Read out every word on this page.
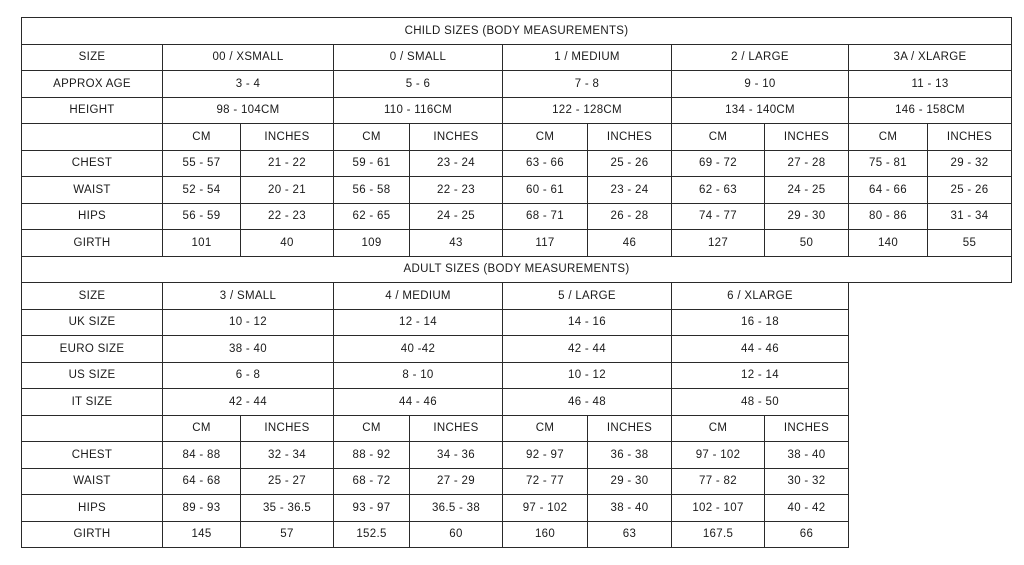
CHILD SIZES (BODY MEASUREMENTS)										
SIZE	00 / XSMALL		0 / SMALL		1 / MEDIUM		2 / LARGE		3A / XLARGE	
APPROX AGE	3 - 4		5 - 6		7 - 8		9 - 10		11 - 13	
HEIGHT	98 - 104CM		110 - 116CM		122 - 128CM		134 - 140CM		146 - 158CM	
	CM	INCHES	CM	INCHES	CM	INCHES	CM	INCHES	CM	INCHES
CHEST	55 - 57	21 - 22	59 - 61	23 - 24	63 - 66	25 - 26	69 - 72	27 - 28	75 - 81	29 - 32
WAIST	52 - 54	20 - 21	56 - 58	22 - 23	60 - 61	23 - 24	62 - 63	24 - 25	64 - 66	25 - 26
HIPS	56 - 59	22 - 23	62 - 65	24 - 25	68 - 71	26 - 28	74 - 77	29 - 30	80 - 86	31 - 34
GIRTH	101	40	109	43	117	46	127	50	140	55
ADULT SIZES (BODY MEASUREMENTS)										
SIZE	3 / SMALL		4 / MEDIUM		5 / LARGE		6 / XLARGE			
UK SIZE	10 - 12		12 - 14		14 - 16		16 - 18			
EURO SIZE	38 - 40		40 -42		42 - 44		44 - 46			
US SIZE	6 - 8		8 - 10		10 - 12		12 - 14			
IT SIZE	42 - 44		44 - 46		46 - 48		48 - 50			
	CM	INCHES	CM	INCHES	CM	INCHES	CM	INCHES		
CHEST	84 - 88	32 - 34	88 - 92	34 - 36	92 - 97	36 - 38	97 - 102	38 - 40		
WAIST	64 - 68	25 - 27	68 - 72	27 - 29	72 - 77	29 - 30	77 - 82	30 - 32		
HIPS	89 - 93	35 - 36.5	93 - 97	36.5 - 38	97 - 102	38 - 40	102 - 107	40 - 42		
GIRTH	145	57	152.5	60	160	63	167.5	66		
